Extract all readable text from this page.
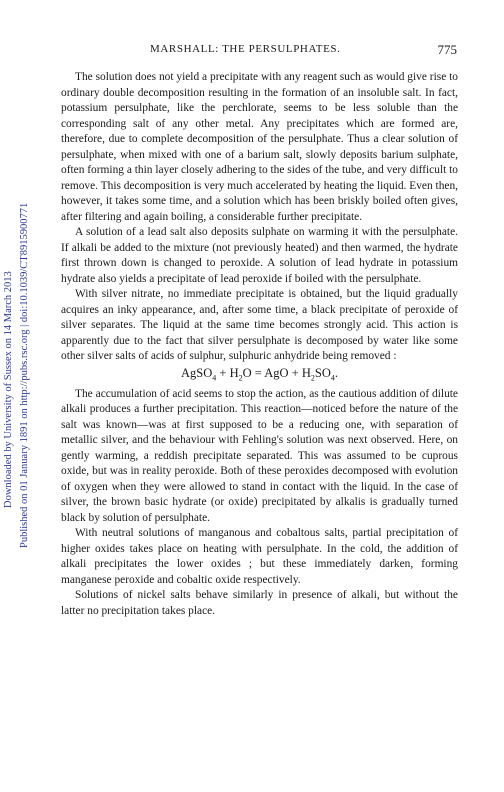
Downloaded by University of Sussex on 14 March 2013 Published on 01 January 1891 on http://pubs.rsc.org | doi:10.1039/CT8915900771
MARSHALL: THE PERSULPHATES.	775

The solution does not yield a precipitate with any reagent such as would give rise to ordinary double decomposition resulting in the formation of an insoluble salt. In fact, potassium persulphate, like the perchlorate, seems to be less soluble than the corresponding salt of any other metal. Any precipitates which are formed are, therefore, due to complete decomposition of the persulphate. Thus a clear solution of persulphate, when mixed with one of a barium salt, slowly deposits barium sulphate, often forming a thin layer closely adhering to the sides of the tube, and very difficult to remove. This decomposition is very much accelerated by heating the liquid. Even then, however, it takes some time, and a solution which has been briskly boiled often gives, after filtering and again boiling, a considerable further precipitate.

A solution of a lead salt also deposits sulphate on warming it with the persulphate. If alkali be added to the mixture (not previously heated) and then warmed, the hydrate first thrown down is changed to peroxide. A solution of lead hydrate in potassium hydrate also yields a precipitate of lead peroxide if boiled with the persulphate.

With silver nitrate, no immediate precipitate is obtained, but the liquid gradually acquires an inky appearance, and, after some time, a black precipitate of peroxide of silver separates. The liquid at the same time becomes strongly acid. This action is apparently due to the fact that silver persulphate is decomposed by water like some other silver salts of acids of sulphur, sulphuric anhydride being removed :

AgSO$_4$ + $H_2O$ = AgO + $H_2SO_4$.

The accumulation of acid seems to stop the action, as the cautious addition of dilute alkali produces a further precipitation. This reaction—noticed before the nature of the salt was known—was at first supposed to be a reducing one, with separation of metallic silver, and the behaviour with Fehling's solution was next observed. Here, on gently warming, a reddish precipitate separated. This was assumed to be cuprous oxide, but was in reality peroxide. Both of these peroxides decomposed with evolution of oxygen when they were allowed to stand in contact with the liquid. In the case of silver, the brown basic hydrate (or oxide) precipitated by alkalis is gradually turned black by solution of persulphate.

With neutral solutions of manganous and cobaltous salts, partial precipitation of higher oxides takes place on heating with persulphate. In the cold, the addition of alkali precipitates the lower oxides ; but these immediately darken, forming manganese peroxide and cobaltic oxide respectively.

Solutions of nickel salts behave similarly in presence of alkali, but without the latter no precipitation takes place.
